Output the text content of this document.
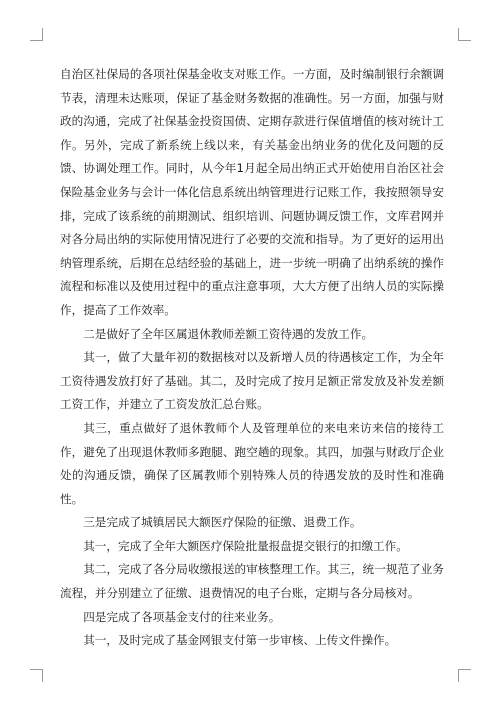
自治区社保局的各项社保基金收支对账工作。一方面，及时编制银行余额调节表，清理未达账项，保证了基金财务数据的准确性。另一方面，加强与财政的沟通，完成了社保基金投资国债、定期存款进行保值增值的核对统计工作。另外，完成了新系统上线以来，有关基金出纳业务的优化及问题的反馈、协调处理工作。同时，从今年1月起全局出纳正式开始使用自治区社会保险基金业务与会计一体化信息系统出纳管理进行记账工作，我按照领导安排，完成了该系统的前期测试、组织培训、问题协调反馈工作，文库君网并对各分局出纳的实际使用情况进行了必要的交流和指导。为了更好的运用出纳管理系统，后期在总结经验的基础上，进一步统一明确了出纳系统的操作流程和标准以及使用过程中的重点注意事项，大大方便了出纳人员的实际操作，提高了工作效率。

二是做好了全年区属退休教师差额工资待遇的发放工作。

其一，做了大量年初的数据核对以及新增人员的待遇核定工作，为全年工资待遇发放打好了基础。其二，及时完成了按月足额正常发放及补发差额工资工作，并建立了工资发放汇总台账。

其三，重点做好了退休教师个人及管理单位的来电来访来信的接待工作，避免了出现退休教师多跑腿、跑空趟的现象。其四，加强与财政厅企业处的沟通反馈，确保了区属教师个别特殊人员的待遇发放的及时性和准确性。

三是完成了城镇居民大额医疗保险的征缴、退费工作。

其一，完成了全年大额医疗保险批量报盘提交银行的扣缴工作。

其二，完成了各分局收缴报送的审核整理工作。其三，统一规范了业务流程，并分别建立了征缴、退费情况的电子台账，定期与各分局核对。

四是完成了各项基金支付的往来业务。

其一，及时完成了基金网银支付第一步审核、上传文件操作。
